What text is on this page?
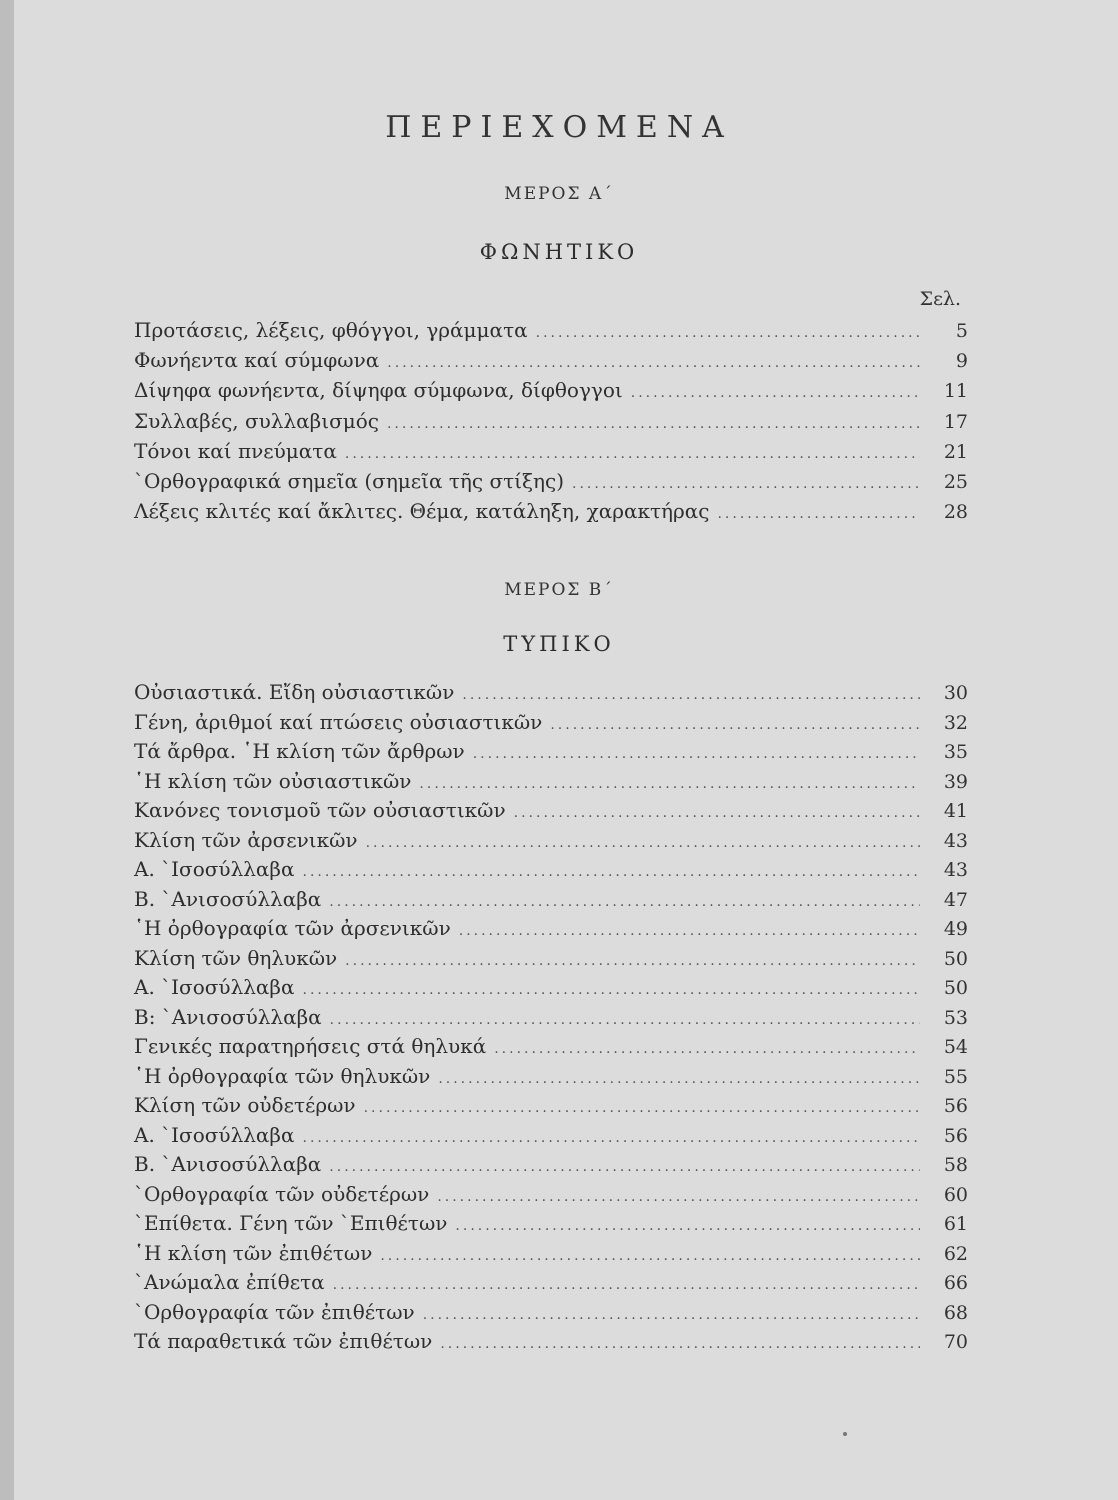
ΠΕΡΙΕΧΟΜΕΝΑ
ΜΕΡΟΣ Α΄
ΦΩΝΗΤΙΚΟ
Σελ.
Προτάσεις, λέξεις, φθόγγοι, γράμματα .....	5
Φωνήεντα καί σύμφωνα .....	9
Δίψηφα φωνήεντα, δίψηφα σύμφωνα, δίφθογγοι .....	11
Συλλαβές, συλλαβισμός .....	17
Τόνοι καί πνεύματα .....	21
`Ορθογραφικά σημεῖα (σημεῖα τῆς στίξης) .....	25
Λέξεις κλιτές καί ἄκλιτες. Θέμα, κατάληξη, χαρακτήρας .....	28
ΜΕΡΟΣ Β΄
ΤΥΠΙΚΟ
Οὐσιαστικά. Εἴδη οὐσιαστικῶν .....	30
Γένη, ἀριθμοί καί πτώσεις οὐσιαστικῶν .....	32
Τά ἄρθρα. ῾Η κλίση τῶν ἄρθρων .....	35
῾Η κλίση τῶν οὐσιαστικῶν .....	39
Κανόνες τονισμοῦ τῶν οὐσιαστικῶν .....	41
Κλίση τῶν ἀρσενικῶν .....	43
Α. `Ισοσύλλαβα .....	43
Β. `Ανισοσύλλαβα .....	47
῾Η ὀρθογραφία τῶν ἀρσενικῶν .....	49
Κλίση τῶν θηλυκῶν .....	50
Α. `Ισοσύλλαβα .....	50
Β: `Ανισοσύλλαβα .....	53
Γενικές παρατηρήσεις στά θηλυκά .....	54
῾Η ὀρθογραφία τῶν θηλυκῶν .....	55
Κλίση τῶν οὐδετέρων .....	56
Α. `Ισοσύλλαβα .....	56
Β. `Ανισοσύλλαβα .....	58
`Ορθογραφία τῶν οὐδετέρων .....	60
`Επίθετα. Γένη τῶν `Επιθέτων .....	61
῾Η κλίση τῶν ἐπιθέτων .....	62
`Ανώμαλα ἐπίθετα .....	66
`Ορθογραφία τῶν ἐπιθέτων .....	68
Τά παραθετικά τῶν ἐπιθέτων .....	70
